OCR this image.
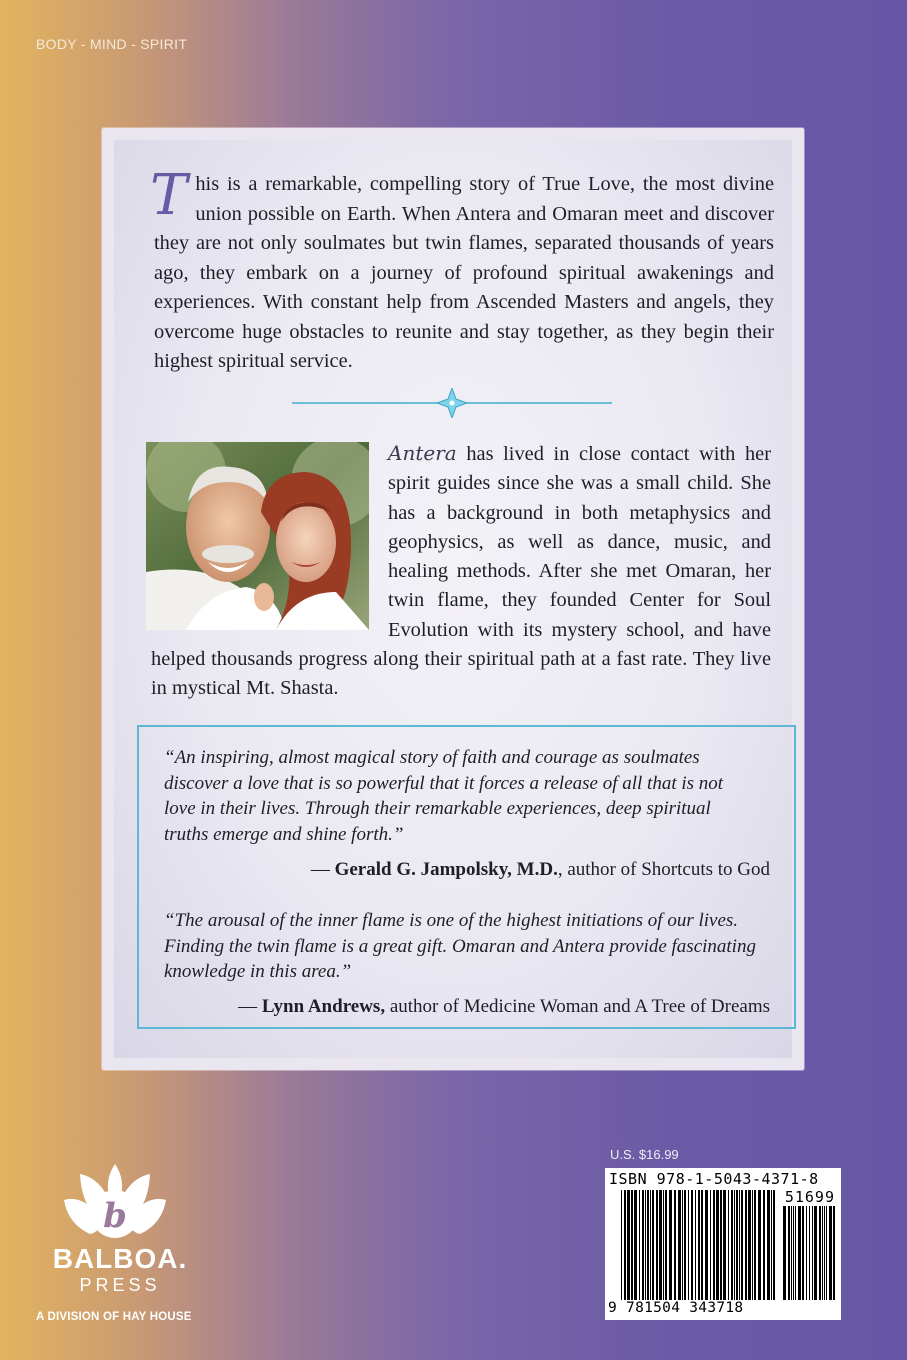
BODY - MIND - SPIRIT
This is a remarkable, compelling story of True Love, the most divine union possible on Earth. When Antera and Omaran meet and discover they are not only soulmates but twin flames, separated thousands of years ago, they embark on a journey of profound spiritual awakenings and experiences. With constant help from Ascended Masters and angels, they overcome huge obstacles to reunite and stay together, as they begin their highest spiritual service.
Antera has lived in close contact with her spirit guides since she was a small child. She has a background in both metaphysics and geophysics, as well as dance, music, and healing methods. After she met Omaran, her twin flame, they founded Center for Soul Evolution with its mystery school, and have helped thousands progress along their spiritual path at a fast rate. They live in mystical Mt. Shasta.

“An inspiring, almost magical story of faith and courage as soulmates discover a love that is so powerful that it forces a release of all that is not love in their lives. Through their remarkable experiences, deep spiritual truths emerge and shine forth.”

— Gerald G. Jampolsky, M.D., author of Shortcuts to God

“The arousal of the inner flame is one of the highest initiations of our lives. Finding the twin flame is a great gift. Omaran and Antera provide fascinating knowledge in this area.”

— Lynn Andrews, author of Medicine Woman and A Tree of Dreams
b
BALBOA.
PRESS
A DIVISION OF HAY HOUSE
U.S. $16.99
ISBN 978-1-5043-4371-8
51699
9 781504 343718
